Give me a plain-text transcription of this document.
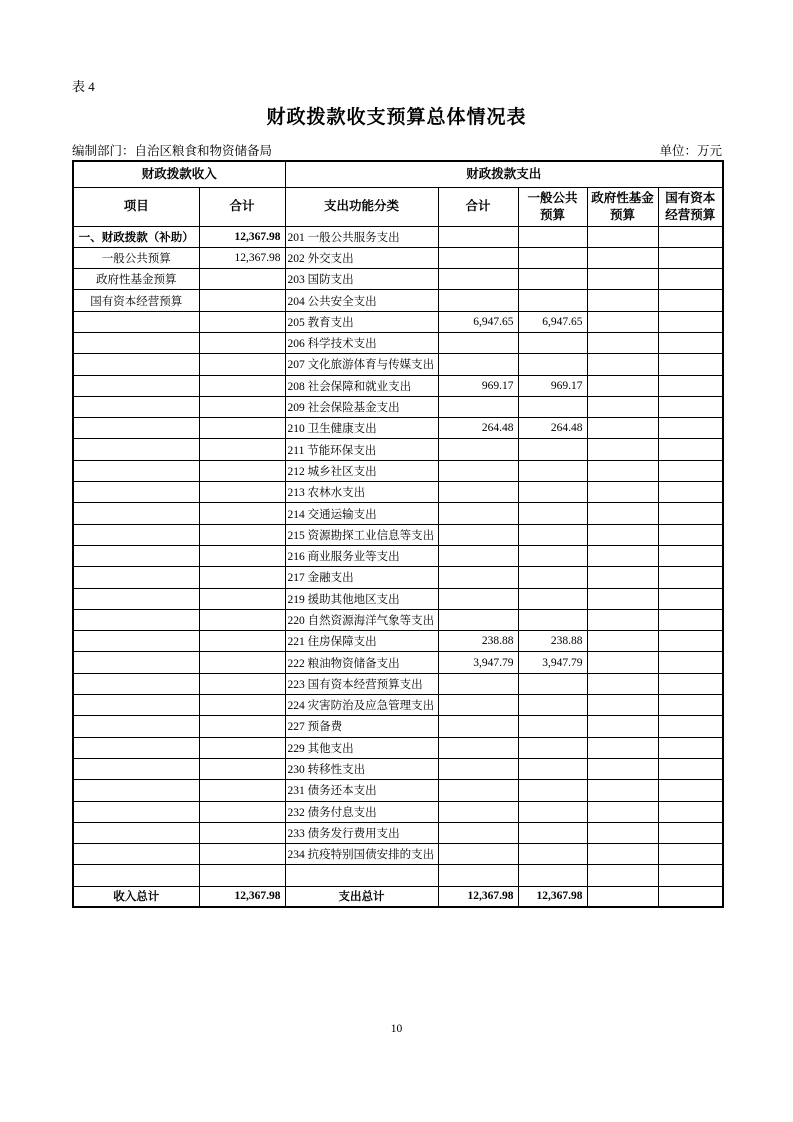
表 4
财政拨款收支预算总体情况表
编制部门：自治区粮食和物资储备局	单位：万元
财政拨款收入		财政拨款支出				
项目	合计	支出功能分类	合计	一般公共预算	政府性基金预算	国有资本经营预算
一、财政拨款（补助）	12,367.98	201 一般公共服务支出				
一般公共预算	12,367.98	202 外交支出				
政府性基金预算		203 国防支出				
国有资本经营预算		204 公共安全支出				
		205 教育支出	6,947.65	6,947.65		
		206 科学技术支出				
		207 文化旅游体育与传媒支出				
		208 社会保障和就业支出	969.17	969.17		
		209 社会保险基金支出				
		210 卫生健康支出	264.48	264.48		
		211 节能环保支出				
		212 城乡社区支出				
		213 农林水支出				
		214 交通运输支出				
		215 资源勘探工业信息等支出				
		216 商业服务业等支出				
		217 金融支出				
		219 援助其他地区支出				
		220 自然资源海洋气象等支出				
		221 住房保障支出	238.88	238.88		
		222 粮油物资储备支出	3,947.79	3,947.79		
		223 国有资本经营预算支出				
		224 灾害防治及应急管理支出				
		227 预备费				
		229 其他支出				
		230 转移性支出				
		231 债务还本支出				
		232 债务付息支出				
		233 债务发行费用支出				
		234 抗疫特别国债安排的支出				

收入总计	12,367.98	支出总计	12,367.98	12,367.98		
10
